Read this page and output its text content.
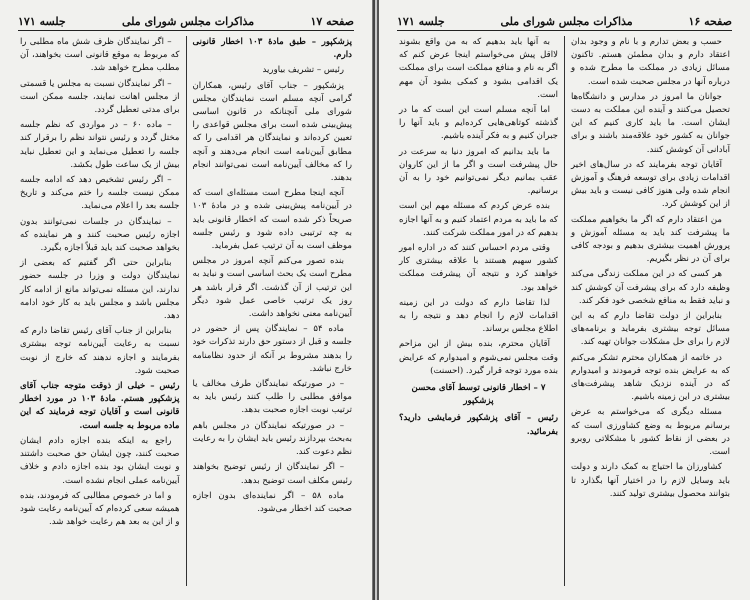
صفحه ۱۷
مذاکرات مجلس شورای ملی
جلسه ۱۷۱

پزشکپور – طبق مادهٔ ۱۰۳ اخطار قانونی دارم.

رئیس – تشریف بیاورید

پزشکپور – جناب آقای رئیس، همکاران گرامی آنچه مسلم است نمایندگان مجلس شورای ملی آنچنانکه در قانون اساسی پیش‌بینی شده است برای مجلس قواعدی را تعیین کرده‌اند و نمایندگان هر اقدامی را که مطابق آیین‌نامه است انجام می‌دهند و آنچه را که مخالف آیین‌نامه است نمی‌توانند انجام بدهند.

آنچه اینجا مطرح است مسئله‌ای است که در آیین‌نامه پیش‌بینی شده و در مادهٔ ۱۰۳ صریحاً ذکر شده است که اخطار قانونی باید به چه ترتیبی داده شود و رئیس جلسه موظف است به آن ترتیب عمل بفرماید.

بنده تصور می‌کنم آنچه امروز در مجلس مطرح است یک بحث اساسی است و نباید به این ترتیب از آن گذشت. اگر قرار باشد هر روز یک ترتیب خاصی عمل شود دیگر آیین‌نامه معنی نخواهد داشت.

ماده ۵۴ – نمایندگان پس از حضور در جلسه و قبل از دستور حق دارند تذکرات خود را بدهند مشروط بر آنکه از حدود نظامنامه خارج نباشد.

– در صورتیکه نمایندگان طرف مخالف یا موافق مطلبی را طلب کنند رئیس باید به ترتیب نوبت اجازه صحبت بدهد.

– در صورتیکه نمایندگان در مجلس باهم به‌بحث بپردازند رئیس باید ایشان را به رعایت نظم دعوت کند.

– اگر نمایندگان از رئیس توضیح بخواهند رئیس مکلف است توضیح بدهد.

ماده ۵۸ – اگر نماینده‌ای بدون اجازه صحبت کند اخطار می‌شود.

– اگر نمایندگان ظرف شش ماه مطلبی را که مربوط به موقع قانونی است بخواهند، آن مطلب مطرح خواهد شد.

– اگر نمایندگان نسبت به مجلس یا قسمتی از مجلس اهانت نمایند، جلسه ممکن است برای مدتی تعطیل گردد.

– ماده ۶۰ – در مواردی که نظم جلسه مختل گردد و رئیس نتواند نظم را برقرار کند جلسه را تعطیل می‌نماید و این تعطیل نباید بیش از یک ساعت طول بکشد.

– اگر رئیس تشخیص دهد که ادامه جلسه ممکن نیست جلسه را ختم می‌کند و تاریخ جلسه بعد را اعلام می‌نماید.

– نمایندگان در جلسات نمی‌توانند بدون اجازه رئیس صحبت کنند و هر نماینده که بخواهد صحبت کند باید قبلاً اجازه بگیرد.

بنابراین حتی اگر گفتیم که بعضی از نمایندگان دولت و وزرا در جلسه حضور ندارند، این مسئله نمی‌تواند مانع از ادامه کار مجلس باشد و مجلس باید به کار خود ادامه دهد.

بنابراین از جناب آقای رئیس تقاضا دارم که نسبت به رعایت آیین‌نامه توجه بیشتری بفرمایند و اجازه ندهند که خارج از نوبت صحبت شود.

رئیس – خیلی از ذوقت متوجه جناب آقای پزشکپور هستم. مادهٔ ۱۰۳ در مورد اخطار قانونی است و آقایان توجه فرمایند که این ماده مربوط به جلسه است.

راجع به اینکه بنده اجازه دادم ایشان صحبت کنند، چون ایشان حق صحبت داشتند و نوبت ایشان بود بنده اجازه دادم و خلاف آیین‌نامه عملی انجام نشده است.

و اما در خصوص مطالبی که فرمودند، بنده همیشه سعی کرده‌ام که آیین‌نامه رعایت شود و از این به بعد هم رعایت خواهد شد.

صفحه ۱۶
مذاکرات مجلس شورای ملی
جلسه ۱۷۱

حسب و بعض تدارم و با نام و وجود بدان اعتقاد دارم و بدان مطمئن هستم. تاکنون مسائل زیادی در مملکت ما مطرح شده و درباره آنها در مجلس صحبت شده است.

جوانان ما امروز در مدارس و دانشگاه‌ها تحصیل می‌کنند و آینده این مملکت به دست ایشان است. ما باید کاری کنیم که این جوانان به کشور خود علاقه‌مند باشند و برای آبادانی آن کوشش کنند.

آقایان توجه بفرمایند که در سال‌های اخیر اقدامات زیادی برای توسعه فرهنگ و آموزش انجام شده ولی هنوز کافی نیست و باید بیش از این کوشش کرد.

من اعتقاد دارم که اگر ما بخواهیم مملکت ما پیشرفت کند باید به مسئله آموزش و پرورش اهمیت بیشتری بدهیم و بودجه کافی برای آن در نظر بگیریم.

هر کسی که در این مملکت زندگی می‌کند وظیفه دارد که برای پیشرفت آن کوشش کند و نباید فقط به منافع شخصی خود فکر کند.

بنابراین از دولت تقاضا دارم که به این مسائل توجه بیشتری بفرماید و برنامه‌های لازم را برای حل مشکلات جوانان تهیه کند.

در خاتمه از همکاران محترم تشکر می‌کنم که به عرایض بنده توجه فرمودند و امیدوارم که در آینده نزدیک شاهد پیشرفت‌های بیشتری در این زمینه باشیم.

مسئله دیگری که می‌خواستم به عرض برسانم مربوط به وضع کشاورزی است که در بعضی از نقاط کشور با مشکلاتی روبرو است.

کشاورزان ما احتیاج به کمک دارند و دولت باید وسایل لازم را در اختیار آنها بگذارد تا بتوانند محصول بیشتری تولید کنند.

به آنها باید بدهیم که به من واقع بشوند لااقل پیش می‌خواستم اینجا عرض کنم که اگر به نام و منافع مملکت است برای مملکت یک اقدامی بشود و کمکی بشود آن مهم است.

اما آنچه مسلم است این است که ما در گذشته کوتاهی‌هایی کرده‌ایم و باید آنها را جبران کنیم و به فکر آینده باشیم.

ما باید بدانیم که امروز دنیا به سرعت در حال پیشرفت است و اگر ما از این کاروان عقب بمانیم دیگر نمی‌توانیم خود را به آن برسانیم.

بنده عرض کردم که مسئله مهم این است که ما باید به مردم اعتماد کنیم و به آنها اجازه بدهیم که در امور مملکت شرکت کنند.

وقتی مردم احساس کنند که در اداره امور کشور سهیم هستند با علاقه بیشتری کار خواهند کرد و نتیجه آن پیشرفت مملکت خواهد بود.

لذا تقاضا دارم که دولت در این زمینه اقدامات لازم را انجام دهد و نتیجه را به اطلاع مجلس برساند.

آقایان محترم، بنده بیش از این مزاحم وقت مجلس نمی‌شوم و امیدوارم که عرایض بنده مورد توجه قرار گیرد. (احسنت)

۷ – اخطار قانونی توسط آقای محسن پزشکپور

رئیس – آقای پزشکپور فرمایشی دارید؟ بفرمائید.
